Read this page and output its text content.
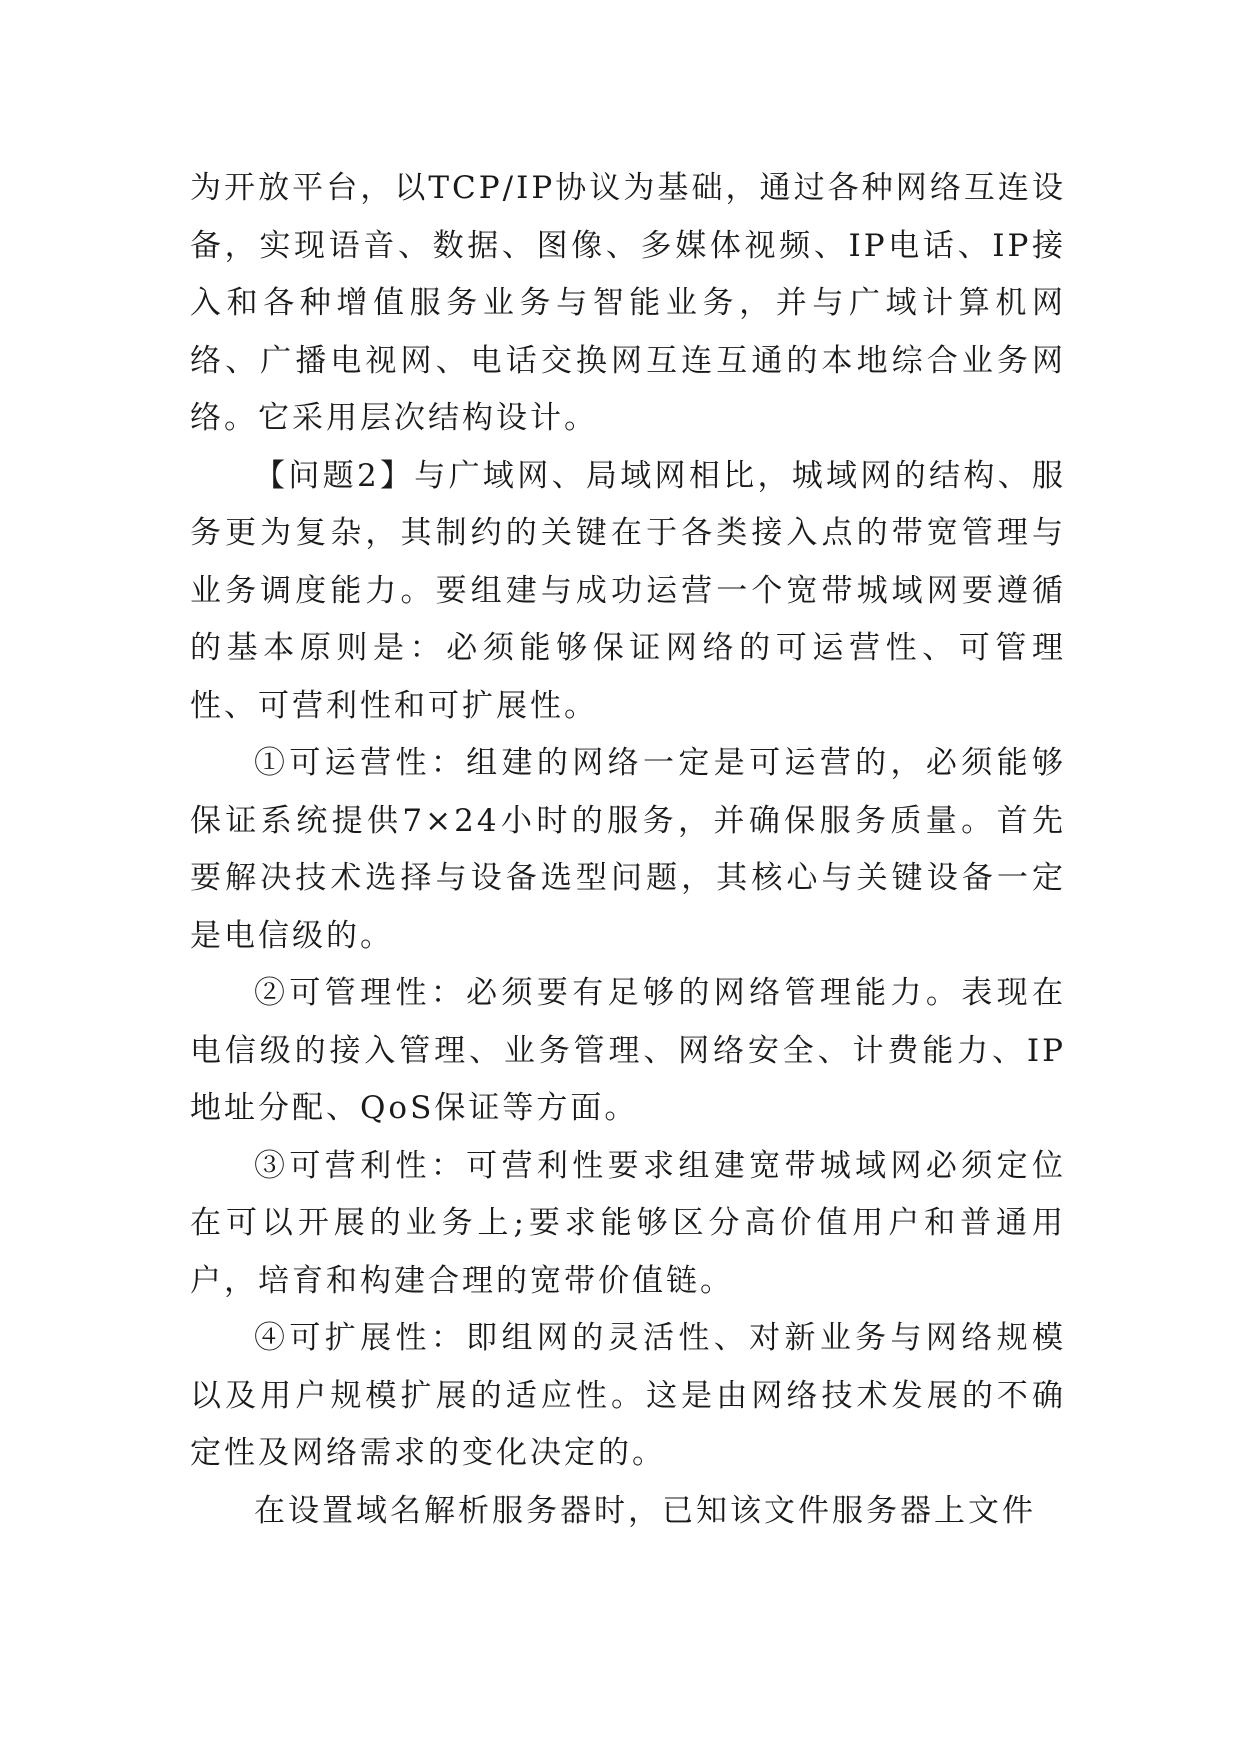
为开放平台，以TCP/IP协议为基础，通过各种网络互连设备，实现语音、数据、图像、多媒体视频、IP电话、IP接入和各种增值服务业务与智能业务，并与广域计算机网络、广播电视网、电话交换网互连互通的本地综合业务网络。它采用层次结构设计。

【问题2】与广域网、局域网相比，城域网的结构、服务更为复杂，其制约的关键在于各类接入点的带宽管理与业务调度能力。要组建与成功运营一个宽带城域网要遵循的基本原则是：必须能够保证网络的可运营性、可管理性、可营利性和可扩展性。

①可运营性：组建的网络一定是可运营的，必须能够保证系统提供7×24小时的服务，并确保服务质量。首先要解决技术选择与设备选型问题，其核心与关键设备一定是电信级的。

②可管理性：必须要有足够的网络管理能力。表现在电信级的接入管理、业务管理、网络安全、计费能力、IP地址分配、QoS保证等方面。

③可营利性：可营利性要求组建宽带城域网必须定位在可以开展的业务上;要求能够区分高价值用户和普通用户，培育和构建合理的宽带价值链。

④可扩展性：即组网的灵活性、对新业务与网络规模以及用户规模扩展的适应性。这是由网络技术发展的不确定性及网络需求的变化决定的。

在设置域名解析服务器时，已知该文件服务器上文件
